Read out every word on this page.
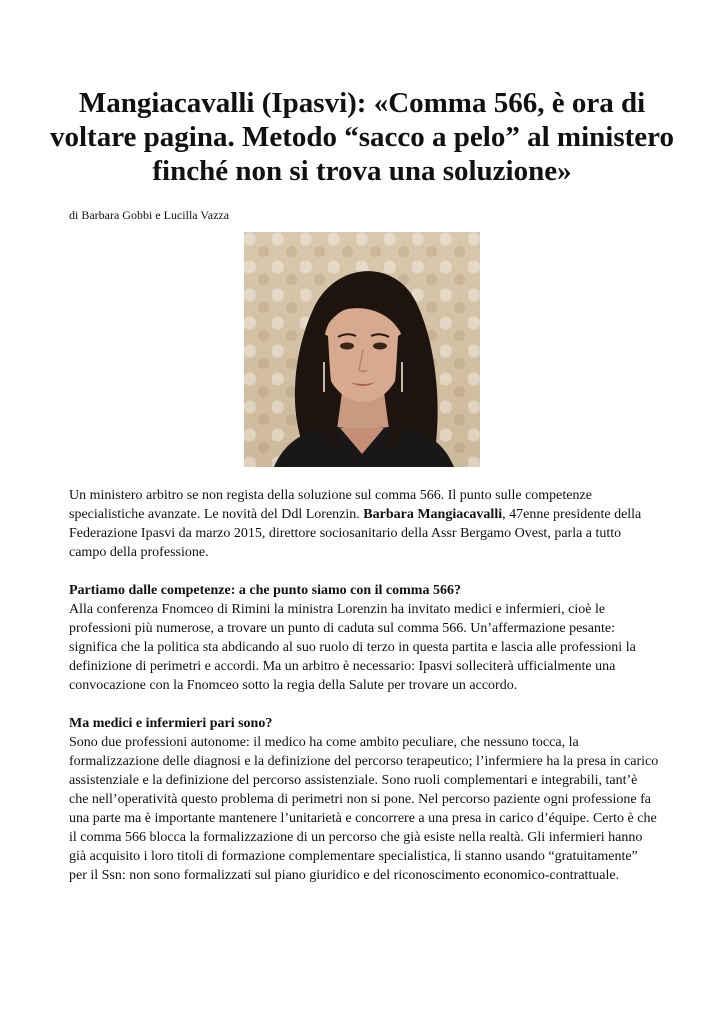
Mangiacavalli (Ipasvi): «Comma 566, è ora di voltare pagina. Metodo “sacco a pelo” al ministero finché non si trova una soluzione»
di Barbara Gobbi e Lucilla Vazza

Un ministero arbitro se non regista della soluzione sul comma 566. Il punto sulle competenze specialistiche avanzate. Le novità del Ddl Lorenzin. Barbara Mangiacavalli, 47enne presidente della Federazione Ipasvi da marzo 2015, direttore sociosanitario della Assr Bergamo Ovest, parla a tutto campo della professione.

Partiamo dalle competenze: a che punto siamo con il comma 566?
Alla conferenza Fnomceo di Rimini la ministra Lorenzin ha invitato medici e infermieri, cioè le professioni più numerose, a trovare un punto di caduta sul comma 566. Un’affermazione pesante: significa che la politica sta abdicando al suo ruolo di terzo in questa partita e lascia alle professioni la definizione di perimetri e accordi. Ma un arbitro è necessario: Ipasvi solleciterà ufficialmente una convocazione con la Fnomceo sotto la regia della Salute per trovare un accordo.

Ma medici e infermieri pari sono?
Sono due professioni autonome: il medico ha come ambito peculiare, che nessuno tocca, la formalizzazione delle diagnosi e la definizione del percorso terapeutico; l’infermiere ha la presa in carico assistenziale e la definizione del percorso assistenziale. Sono ruoli complementari e integrabili, tant’è che nell’operatività questo problema di perimetri non si pone. Nel percorso paziente ogni professione fa una parte ma è importante mantenere l’unitarietà e concorrere a una presa in carico d’équipe. Certo è che il comma 566 blocca la formalizzazione di un percorso che già esiste nella realtà. Gli infermieri hanno già acquisito i loro titoli di formazione complementare specialistica, li stanno usando “gratuitamente” per il Ssn: non sono formalizzati sul piano giuridico e del riconoscimento economico-contrattuale.
